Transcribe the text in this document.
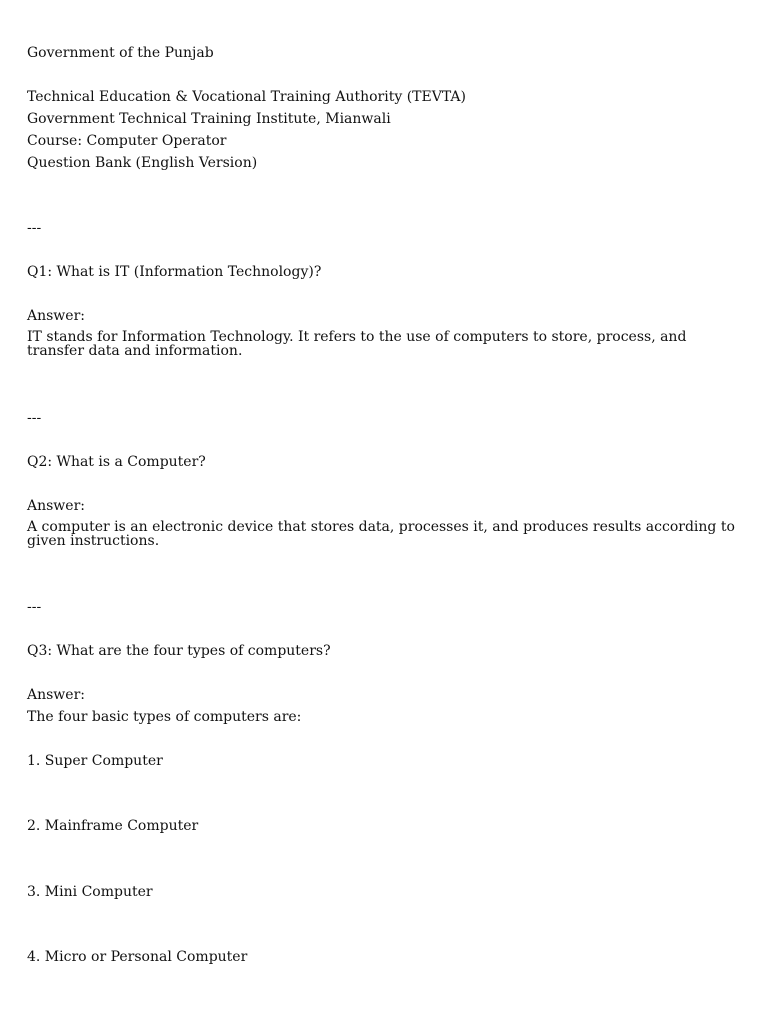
Government of the Punjab
Technical Education & Vocational Training Authority (TEVTA)
Government Technical Training Institute, Mianwali
Course: Computer Operator
Question Bank (English Version)
---
Q1: What is IT (Information Technology)?
Answer:
IT stands for Information Technology. It refers to the use of computers to store, process, and transfer data and information.
---
Q2: What is a Computer?
Answer:
A computer is an electronic device that stores data, processes it, and produces results according to given instructions.
---
Q3: What are the four types of computers?
Answer:
The four basic types of computers are:
1. Super Computer
2. Mainframe Computer
3. Mini Computer
4. Micro or Personal Computer
